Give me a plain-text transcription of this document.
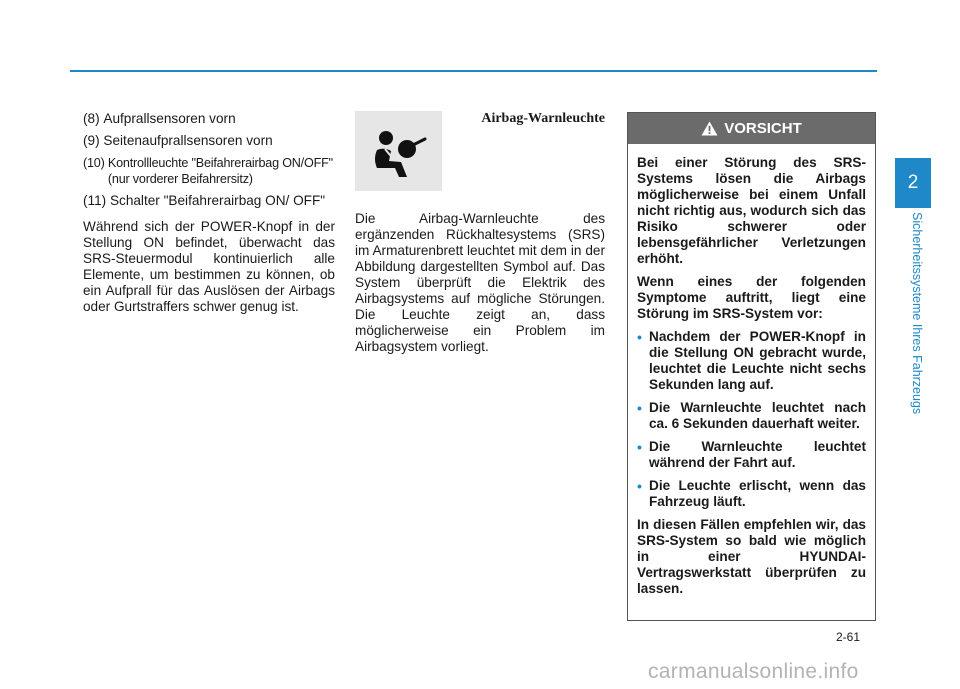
(8) Aufprallsensoren vorn
(9) Seitenaufprallsensoren vorn
(10) Kontrollleuchte "Beifahrerairbag ON/OFF" (nur vorderer Beifahrersitz)
(11) Schalter "Beifahrerairbag ON/ OFF"

Während sich der POWER-Knopf in der Stellung ON befindet, überwacht das SRS-Steuermodul kontinuierlich alle Elemente, um bestimmen zu können, ob ein Aufprall für das Auslösen der Airbags oder Gurtstraffers schwer genug ist.

Airbag-Warnleuchte
Die Airbag-Warnleuchte des ergänzenden Rückhaltesystems (SRS) im Armaturenbrett leuchtet mit dem in der Abbildung dargestellten Symbol auf. Das System überprüft die Elektrik des Airbagsystems auf mögliche Störungen. Die Leuchte zeigt an, dass möglicherweise ein Problem im Airbagsystem vorliegt.
VORSICHT

Bei einer Störung des SRS-Systems lösen die Airbags möglicherweise bei einem Unfall nicht richtig aus, wodurch sich das Risiko schwerer oder lebensgefährlicher Verletzungen erhöht.

Wenn eines der folgenden Symptome auftritt, liegt eine Störung im SRS-System vor:

• Nachdem der POWER-Knopf in die Stellung ON gebracht wurde, leuchtet die Leuchte nicht sechs Sekunden lang auf.
• Die Warnleuchte leuchtet nach ca. 6 Sekunden dauerhaft weiter.
• Die Warnleuchte leuchtet während der Fahrt auf.
• Die Leuchte erlischt, wenn das Fahrzeug läuft.

In diesen Fällen empfehlen wir, das SRS-System so bald wie möglich in einer HYUNDAI-Vertragswerkstatt überprüfen zu lassen.

2
Sicherheitssysteme Ihres Fahrzeugs
2-61
carmanualsonline.info
